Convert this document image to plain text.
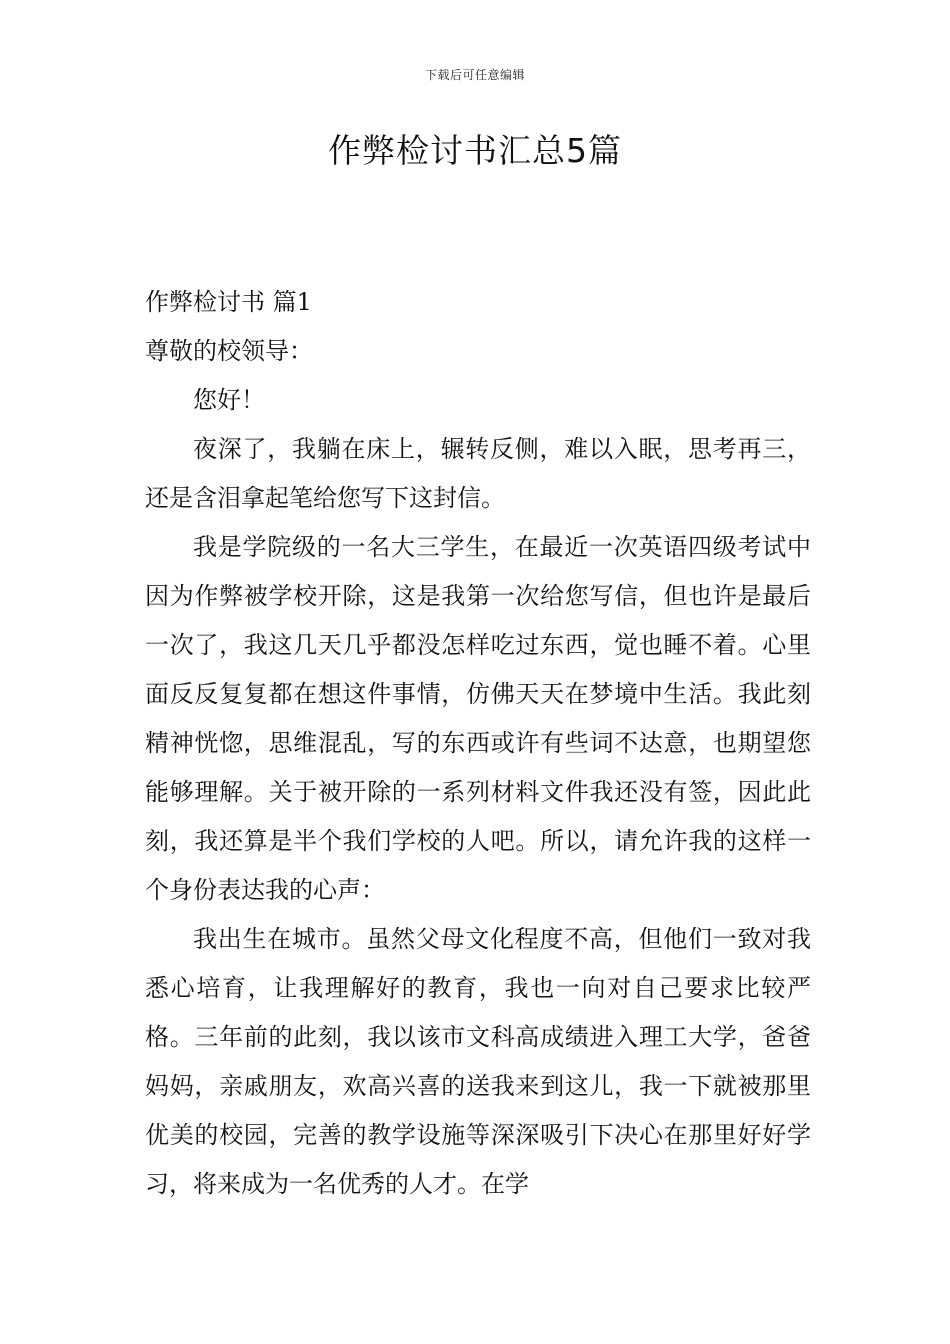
下载后可任意编辑
作弊检讨书汇总5篇

作弊检讨书 篇1

尊敬的校领导：

您好！

夜深了，我躺在床上，辗转反侧，难以入眠，思考再三，还是含泪拿起笔给您写下这封信。

我是学院级的一名大三学生，在最近一次英语四级考试中因为作弊被学校开除，这是我第一次给您写信，但也许是最后一次了，我这几天几乎都没怎样吃过东西，觉也睡不着。心里面反反复复都在想这件事情，仿佛天天在梦境中生活。我此刻精神恍惚，思维混乱，写的东西或许有些词不达意，也期望您能够理解。关于被开除的一系列材料文件我还没有签，因此此刻，我还算是半个我们学校的人吧。所以，请允许我的这样一个身份表达我的心声：

我出生在城市。虽然父母文化程度不高，但他们一致对我悉心培育，让我理解好的教育，我也一向对自己要求比较严格。三年前的此刻，我以该市文科高成绩进入理工大学，爸爸妈妈，亲戚朋友，欢高兴喜的送我来到这儿，我一下就被那里优美的校园，完善的教学设施等深深吸引下决心在那里好好学习，将来成为一名优秀的人才。在学
